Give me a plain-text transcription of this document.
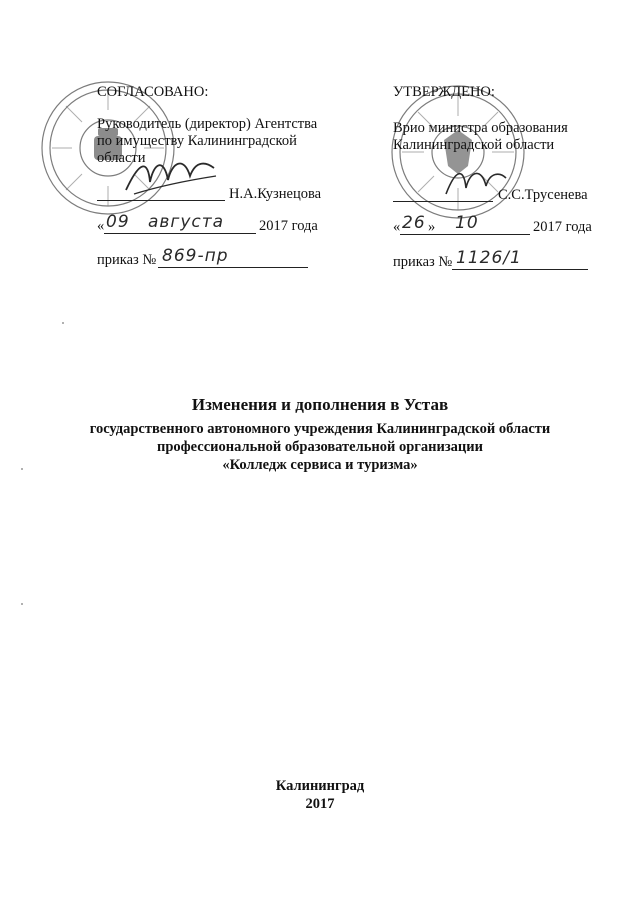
СОГЛАСОВАНО:
Руководитель (директор) Агентства
по имуществу Калининградской
области
Н.А.Кузнецова
« 09 августа 2017 года
приказ № 869-пр
УТВЕРЖДЕНО:
Врио министра образования
Калининградской области
С.С.Трусенева
« 26 » 10	2017 года
приказ № 1126/1
Изменения и дополнения в Устав
государственного автономного учреждения Калининградской области
профессиональной образовательной организации
«Колледж сервиса и туризма»
Калининград
2017
